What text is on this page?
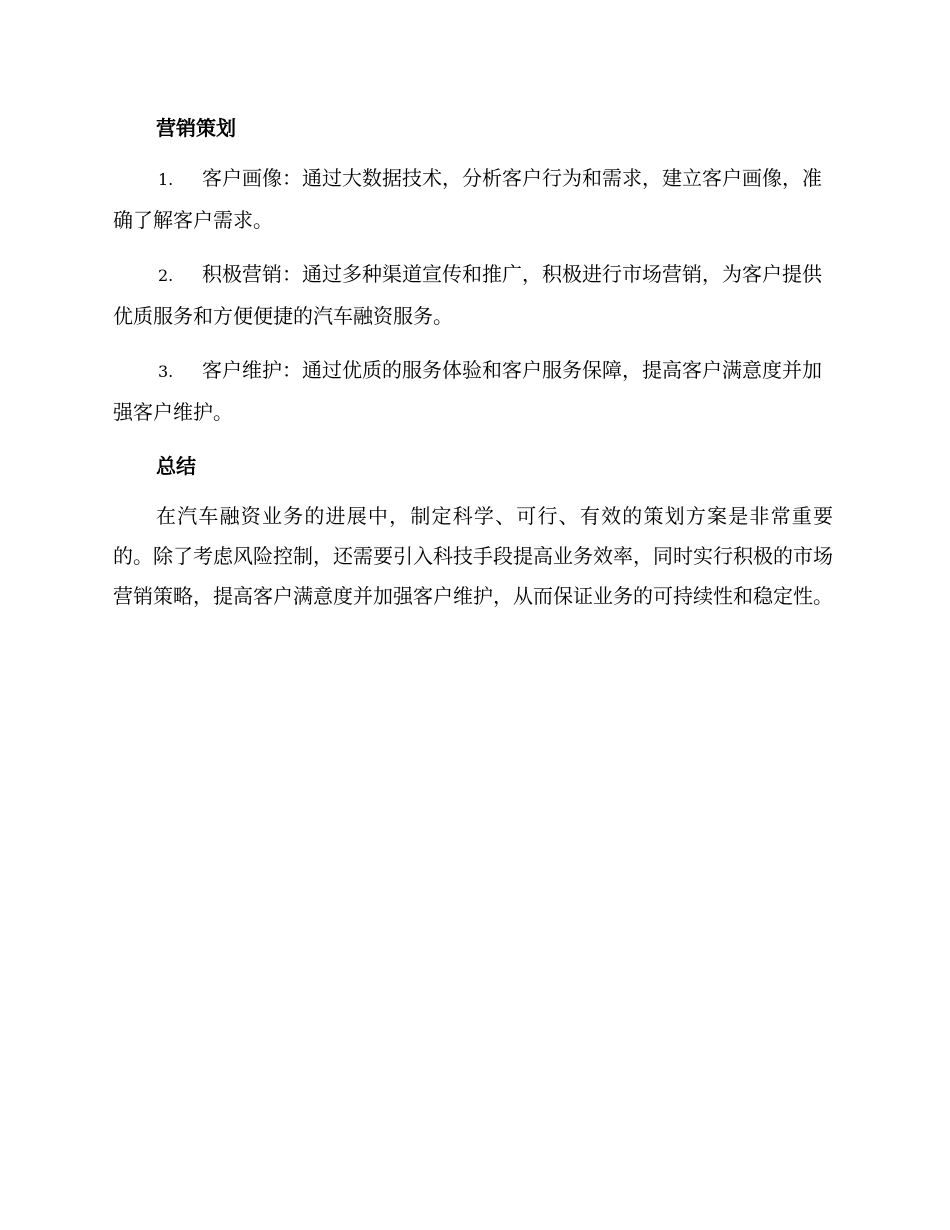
营销策划
1. 客户画像：通过大数据技术，分析客户行为和需求，建立客户画像，准确了解客户需求。
2. 积极营销：通过多种渠道宣传和推广，积极进行市场营销，为客户提供优质服务和方便便捷的汽车融资服务。
3. 客户维护：通过优质的服务体验和客户服务保障，提高客户满意度并加强客户维护。
总结

在汽车融资业务的进展中，制定科学、可行、有效的策划方案是非常重要的。除了考虑风险控制，还需要引入科技手段提高业务效率，同时实行积极的市场营销策略，提高客户满意度并加强客户维护，从而保证业务的可持续性和稳定性。
